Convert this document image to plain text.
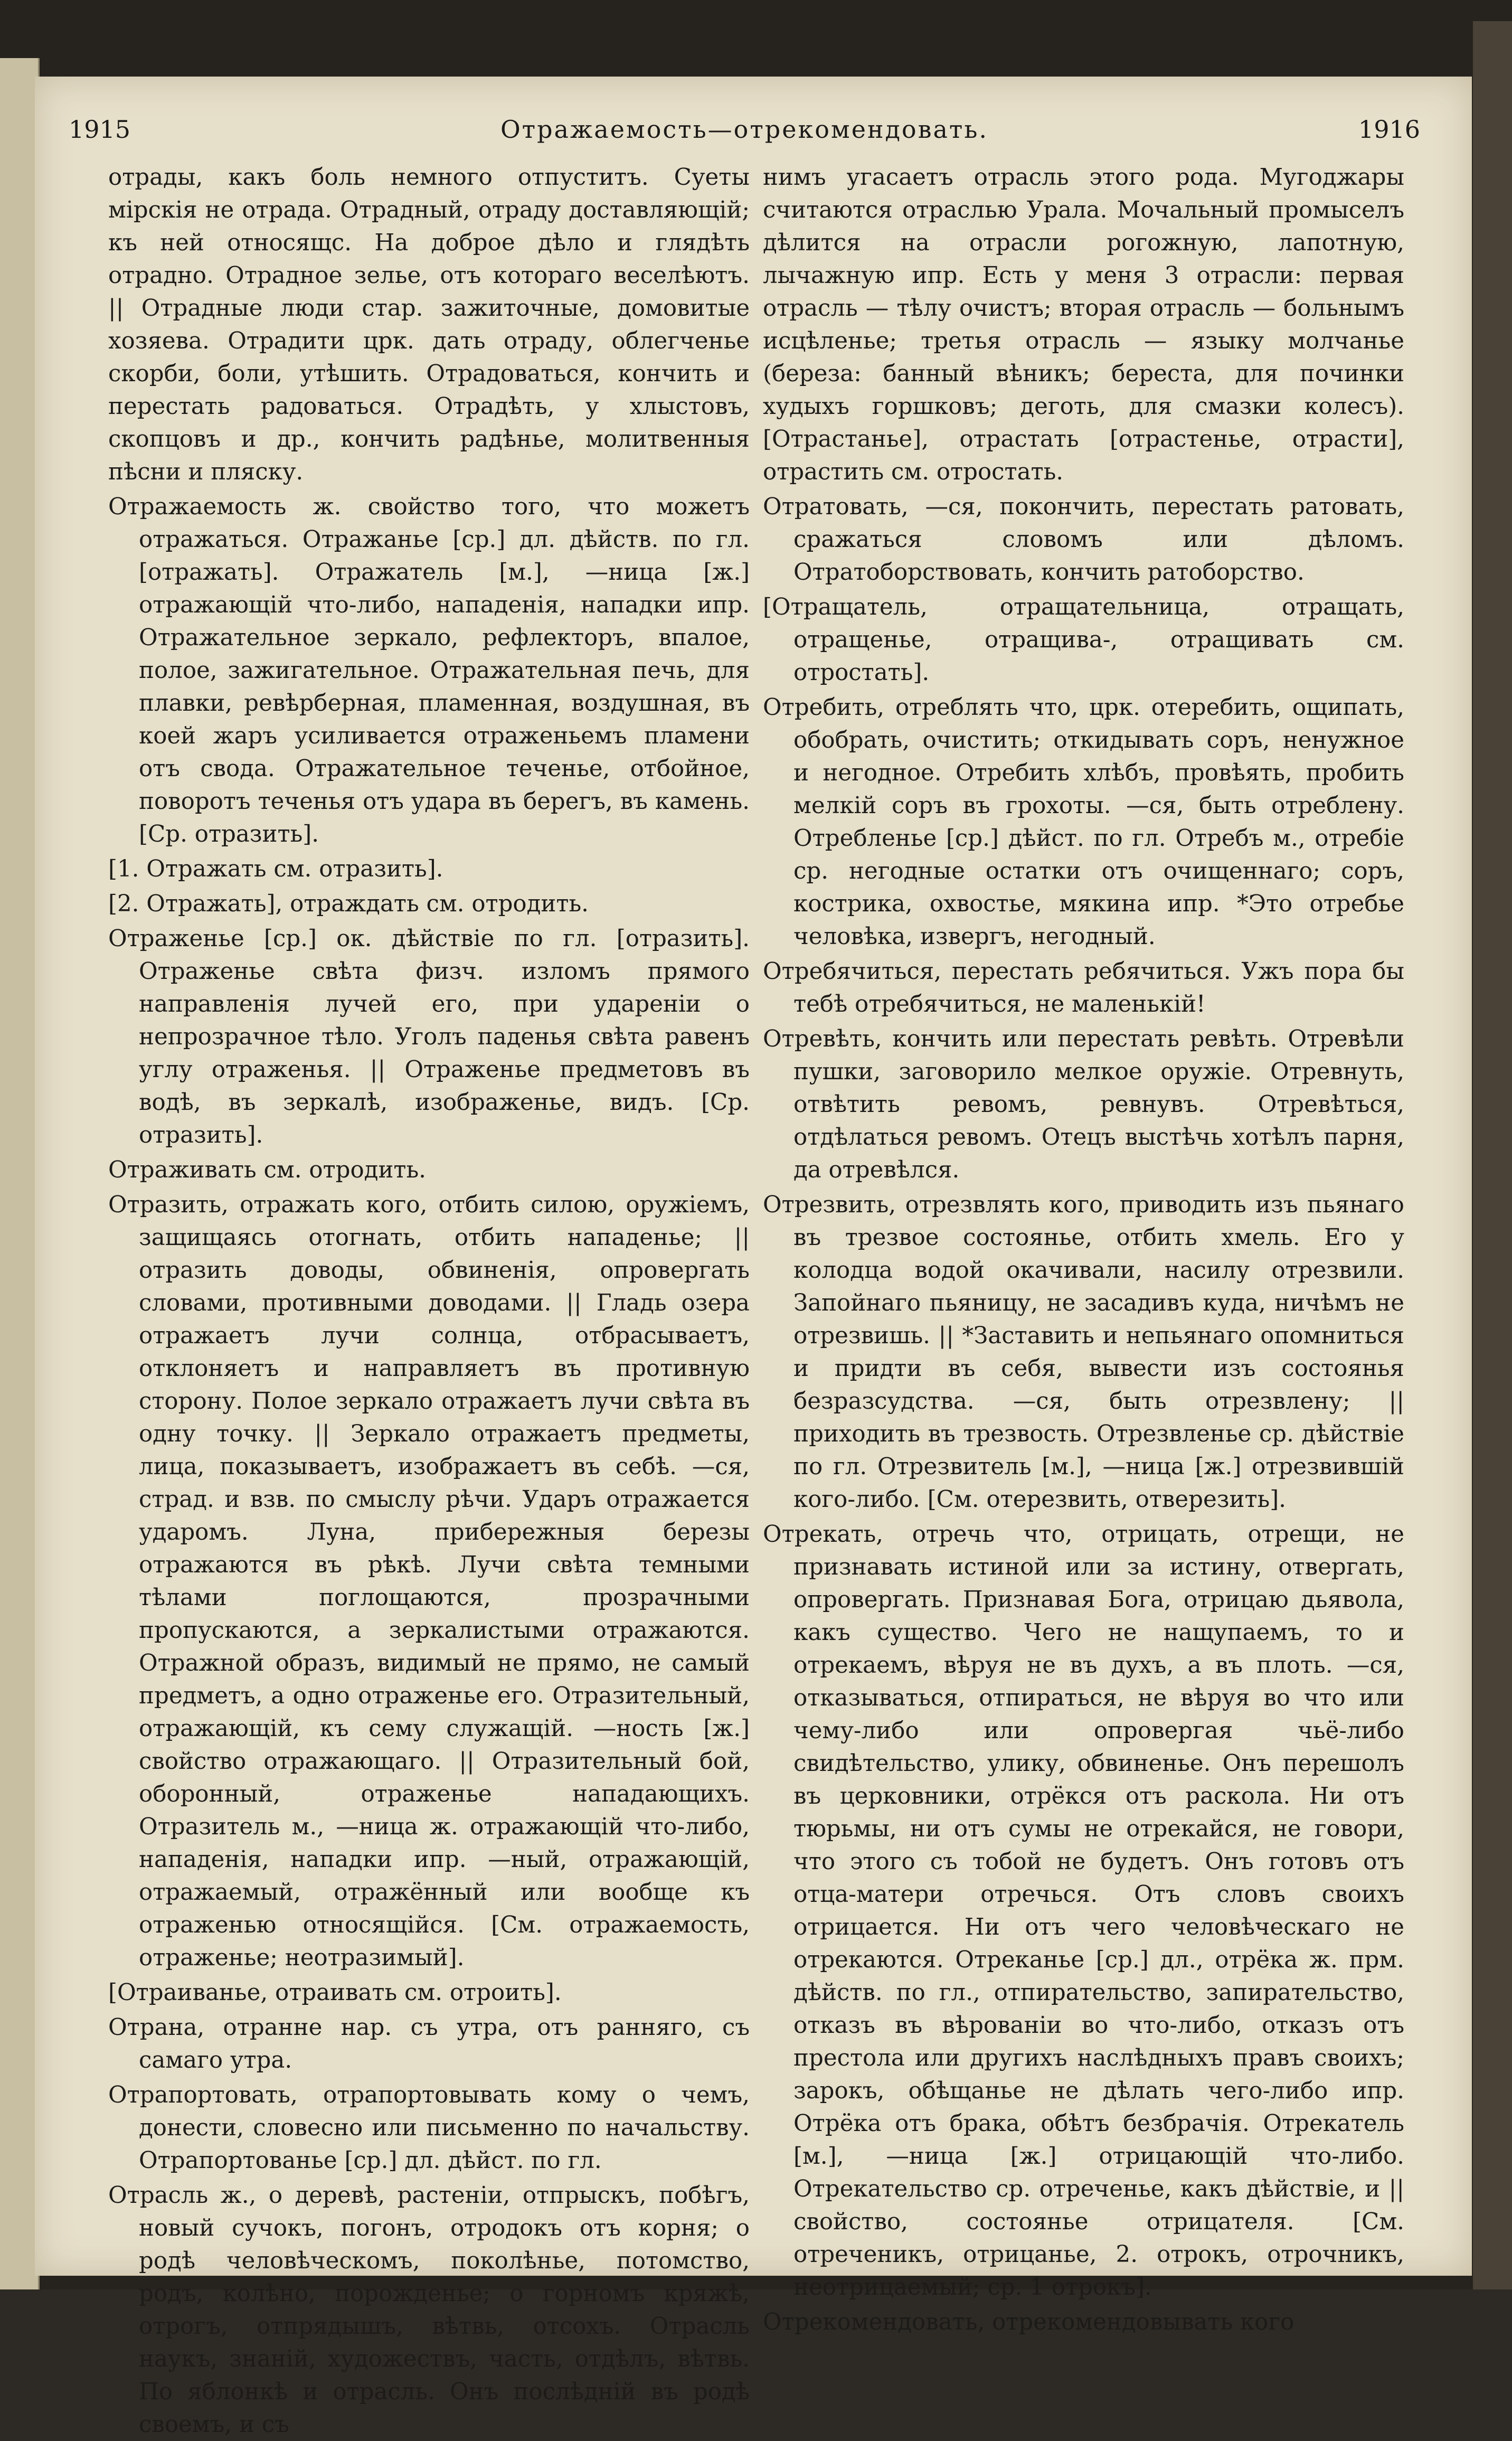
1915	Отражаемость—отрекомендовать.	1916

отрады, какъ боль немного отпуститъ. Суеты мірскія не отрада. Отрадный, отраду доставляющій; къ ней относящс. На доброе дѣло и глядѣть отрадно. Отрадное зелье, отъ котораго веселѣютъ. || Отрадные люди стар. зажиточные, домовитые хозяева. Отрадити црк. дать отраду, облегченье скорби, боли, утѣшить. Отрадоваться, кончить и перестать радоваться. Отрадѣть, у хлыстовъ, скопцовъ и др., кончить радѣнье, молитвенныя пѣсни и пляску.

Отражаемость ж. свойство того, что можетъ отражаться. Отражанье [ср.] дл. дѣйств. по гл. [отражать]. Отражатель [м.], —ница [ж.] отражающій что-либо, нападенія, нападки ипр. Отражательное зеркало, рефлекторъ, впалое, полое, зажигательное. Отражательная печь, для плавки, ревѣрберная, пламенная, воздушная, въ коей жаръ усиливается отраженьемъ пламени отъ свода. Отражательное теченье, отбойное, поворотъ теченья отъ удара въ берегъ, въ камень. [Ср. отразить].

[1. Отражать см. отразить].

[2. Отражать], отраждать см. отродить.

Отраженье [ср.] ок. дѣйствіе по гл. [отразить]. Отраженье свѣта физч. изломъ прямого направленія лучей его, при удареніи о непрозрачное тѣло. Уголъ паденья свѣта равенъ углу отраженья. || Отраженье предметовъ въ водѣ, въ зеркалѣ, изображенье, видъ. [Ср. отразить].

Отраживать см. отродить.

Отразить, отражать кого, отбить силою, оружіемъ, защищаясь отогнать, отбить нападенье; || отразить доводы, обвиненія, опровергать словами, противными доводами. || Гладь озера отражаетъ лучи солнца, отбрасываетъ, отклоняетъ и направляетъ въ противную сторону. Полое зеркало отражаетъ лучи свѣта въ одну точку. || Зеркало отражаетъ предметы, лица, показываетъ, изображаетъ въ себѣ. —ся, страд. и взв. по смыслу рѣчи. Ударъ отражается ударомъ. Луна, прибережныя березы отражаются въ рѣкѣ. Лучи свѣта темными тѣлами поглощаются, прозрачными пропускаются, а зеркалистыми отражаются. Отражной образъ, видимый не прямо, не самый предметъ, а одно отраженье его. Отразительный, отражающій, къ сему служащій. —ность [ж.] свойство отражающаго. || Отразительный бой, оборонный, отраженье нападающихъ. Отразитель м., —ница ж. отражающій что-либо, нападенія, нападки ипр. —ный, отражающій, отражаемый, отражённый или вообще къ отраженью относящійся. [См. отражаемость, отраженье; неотразимый].

[Отраиванье, отраивать см. отроить].

Отрана, отранне нар. съ утра, отъ ранняго, съ самаго утра.

Отрапортовать, отрапортовывать кому о чемъ, донести, словесно или письменно по начальству. Отрапортованье [ср.] дл. дѣйст. по гл.

Отрасль ж., о деревѣ, растеніи, отпрыскъ, побѣгъ, новый сучокъ, погонъ, отродокъ отъ корня; о родѣ человѣческомъ, поколѣнье, потомство, родъ, колѣно, порожденье; о горномъ кряжѣ, отрогъ, отпрядышъ, вѣтвь, отсохъ. Отрасль наукъ, знаній, художествъ, часть, отдѣлъ, вѣтвь. По яблонкѣ и отрасль. Онъ послѣдній въ родѣ своемъ, и съ

нимъ угасаетъ отрасль этого рода. Мугоджары считаются отраслью Урала. Мочальный промыселъ дѣлится на отрасли рогожную, лапотную, лычажную ипр. Есть у меня 3 отрасли: первая отрасль — тѣлу очистъ; вторая отрасль — больнымъ исцѣленье; третья отрасль — языку молчанье (береза: банный вѣникъ; береста, для починки худыхъ горшковъ; деготь, для смазки колесъ). [Отрастанье], отрастать [отрастенье, отрасти], отрастить см. отростать.

Отратовать, —ся, покончить, перестать ратовать, сражаться словомъ или дѣломъ. Отратоборствовать, кончить ратоборство.

[Отращатель, отращательница, отращать, отращенье, отращива-, отращивать см. отростать].

Отребить, отреблять что, црк. отеребить, ощипать, обобрать, очистить; откидывать соръ, ненужное и негодное. Отребить хлѣбъ, провѣять, пробить мелкій соръ въ грохоты. —ся, быть отреблену. Отребленье [ср.] дѣйст. по гл. Отребъ м., отребіе ср. негодные остатки отъ очищеннаго; соръ, кострика, охвостье, мякина ипр. *Это отребье человѣка, извергъ, негодный.

Отребячиться, перестать ребячиться. Ужъ пора бы тебѣ отребячиться, не маленькій!

Отревѣть, кончить или перестать ревѣть. Отревѣли пушки, заговорило мелкое оружіе. Отревнуть, отвѣтить ревомъ, ревнувъ. Отревѣться, отдѣлаться ревомъ. Отецъ выстѣчь хотѣлъ парня, да отревѣлся.

Отрезвить, отрезвлять кого, приводить изъ пьянаго въ трезвое состоянье, отбить хмель. Его у колодца водой окачивали, насилу отрезвили. Запойнаго пьяницу, не засадивъ куда, ничѣмъ не отрезвишь. || *Заставить и непьянаго опомниться и придти въ себя, вывести изъ состоянья безразсудства. —ся, быть отрезвлену; || приходить въ трезвость. Отрезвленье ср. дѣйствіе по гл. Отрезвитель [м.], —ница [ж.] отрезвившій кого-либо. [См. отерезвить, отверезить].

Отрекать, отречь что, отрицать, отрещи, не признавать истиной или за истину, отвергать, опровергать. Признавая Бога, отрицаю дьявола, какъ существо. Чего не нащупаемъ, то и отрекаемъ, вѣруя не въ духъ, а въ плоть. —ся, отказываться, отпираться, не вѣруя во что или чему-либо или опровергая чьё-либо свидѣтельство, улику, обвиненье. Онъ перешолъ въ церковники, отрёкся отъ раскола. Ни отъ тюрьмы, ни отъ сумы не отрекайся, не говори, что этого съ тобой не будетъ. Онъ готовъ отъ отца-матери отречься. Отъ словъ своихъ отрицается. Ни отъ чего человѣческаго не отрекаются. Отреканье [ср.] дл., отрёка ж. прм. дѣйств. по гл., отпирательство, запирательство, отказъ въ вѣрованіи во что-либо, отказъ отъ престола или другихъ наслѣдныхъ правъ своихъ; зарокъ, обѣщанье не дѣлать чего-либо ипр. Отрёка отъ брака, обѣтъ безбрачія. Отрекатель [м.], —ница [ж.] отрицающій что-либо. Отрекательство ср. отреченье, какъ дѣйствіе, и || свойство, состоянье отрицателя. [См. отреченикъ, отрицанье, 2. отрокъ, отрочникъ, неотрицаемый; ср. 1 отрокъ].

Отрекомендовать, отрекомендовывать кого
